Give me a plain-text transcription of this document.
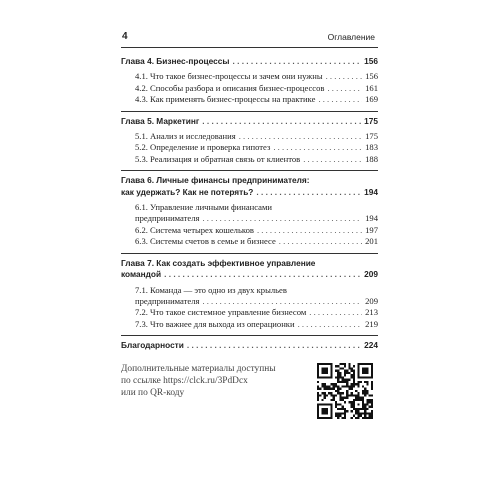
4	Оглавление
Глава 4. Бизнес-процессы . . .	156
4.1. Что такое бизнес-процессы и зачем они нужны . . .	156
4.2. Способы разбора и описания бизнес-процессов . . .	161
4.3. Как применять бизнес-процессы на практике . . .	169
Глава 5. Маркетинг . . .	175
5.1. Анализ и исследования . . .	175
5.2. Определение и проверка гипотез . . .	183
5.3. Реализация и обратная связь от клиентов . . .	188
Глава 6. Личные финансы предпринимателя:
как удержать? Как не потерять? . . .	194
6.1. Управление личными финансами
предпринимателя . . .	194
6.2. Система четырех кошельков . . .	197
6.3. Системы счетов в семье и бизнесе . . .	201
Глава 7. Как создать эффективное управление
командой . . .	209
7.1. Команда — это одно из двух крыльев
предпринимателя . . .	209
7.2. Что такое системное управление бизнесом . . .	213
7.3. Что важнее для выхода из операционки . . .	219
Благодарности . . .	224
Дополнительные материалы доступны
по ссылке https://clck.ru/3PdDcx
или по QR-коду
